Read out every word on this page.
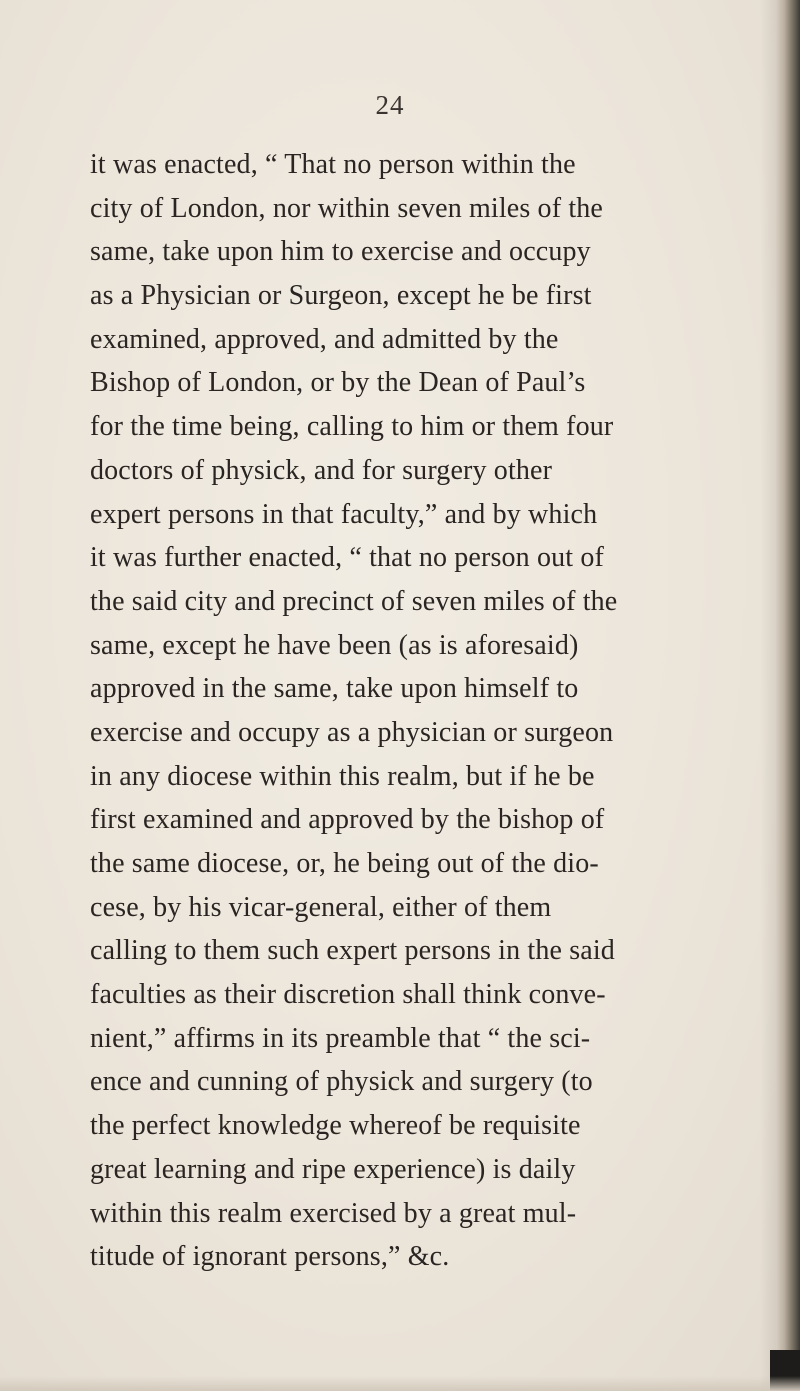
24
it was enacted, “ That no person within the
city of London, nor within seven miles of the
same, take upon him to exercise and occupy
as a Physician or Surgeon, except he be first
examined, approved, and admitted by the
Bishop of London, or by the Dean of Paul’s
for the time being, calling to him or them four
doctors of physick, and for surgery other
expert persons in that faculty,” and by which
it was further enacted, “ that no person out of
the said city and precinct of seven miles of the
same, except he have been (as is aforesaid)
approved in the same, take upon himself to
exercise and occupy as a physician or surgeon
in any diocese within this realm, but if he be
first examined and approved by the bishop of
the same diocese, or, he being out of the dio-
cese, by his vicar-general, either of them
calling to them such expert persons in the said
faculties as their discretion shall think conve-
nient,” affirms in its preamble that “ the sci-
ence and cunning of physick and surgery (to
the perfect knowledge whereof be requisite
great learning and ripe experience) is daily
within this realm exercised by a great mul-
titude of ignorant persons,” &c.
